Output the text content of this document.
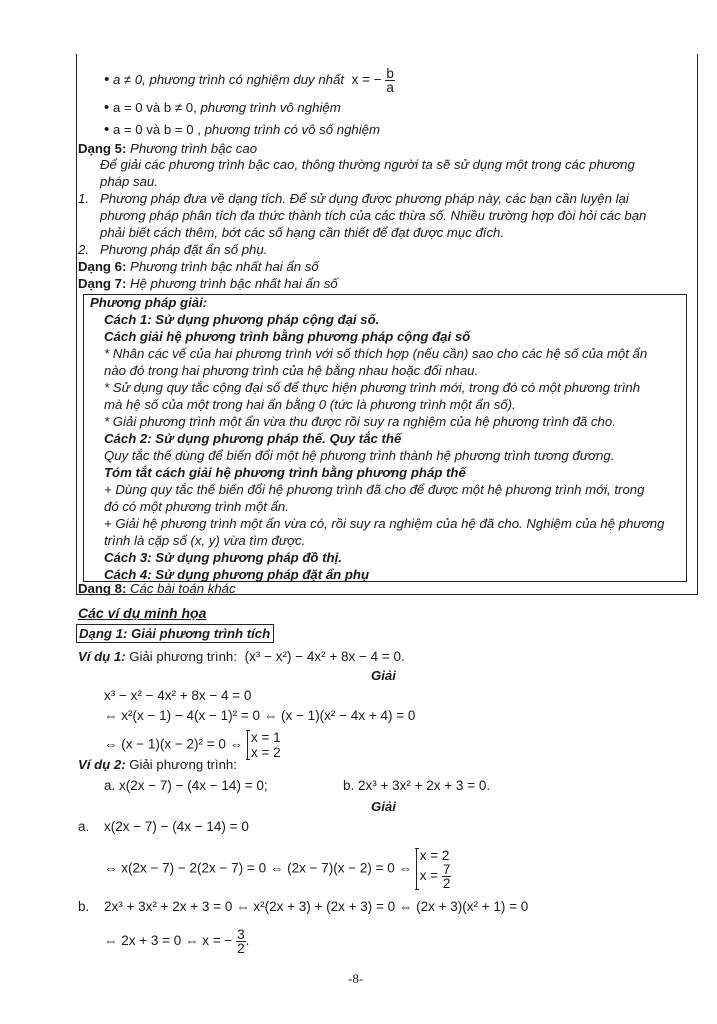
• a ≠ 0, phương trình có nghiệm duy nhất x = − $\frac{b}{a}$
• a = 0 và b ≠ 0, phương trình vô nghiệm
• a = 0 và b = 0 , phương trình có vô số nghiệm
Dạng 5: Phương trình bậc cao
Để giải các phương trình bậc cao, thông thường người ta sẽ sử dụng một trong các phương
pháp sau.
1. Phương pháp đưa về dạng tích. Để sử dụng được phương pháp này, các bạn cần luyện lại
phương pháp phân tích đa thức thành tích của các thừa số. Nhiều trường hợp đòi hỏi các bạn
phải biết cách thêm, bớt các số hạng cần thiết để đạt được mục đích.
2. Phương pháp đặt ẩn số phụ.
Dạng 6: Phương trình bậc nhất hai ẩn số
Dạng 7: Hệ phương trình bậc nhất hai ẩn số
Phương pháp giải:
Cách 1: Sử dụng phương pháp cộng đại số.
Cách giải hệ phương trình bằng phương pháp cộng đại số
* Nhân các vế của hai phương trình với số thích hợp (nếu cần) sao cho các hệ số của một ẩn
nào đó trong hai phương trình của hệ bằng nhau hoặc đối nhau.
* Sử dụng quy tắc cộng đại số để thực hiện phương trình mới, trong đó có một phương trình
mà hệ số của một trong hai ẩn bằng 0 (tức là phương trình một ẩn số).
* Giải phương trình một ẩn vừa thu được rồi suy ra nghiệm của hệ phương trình đã cho.
Cách 2: Sử dụng phương pháp thế. Quy tắc thế
Quy tắc thế dùng để biến đổi một hệ phương trình thành hệ phương trình tương đương.
Tóm tắt cách giải hệ phương trình bằng phương pháp thế
+ Dùng quy tắc thế biến đổi hệ phương trình đã cho để được một hệ phương trình mới, trong
đó có một phương trình một ẩn.
+ Giải hệ phương trình một ẩn vừa có, rồi suy ra nghiệm của hệ đã cho. Nghiệm của hệ phương
trình là cặp số (x, y) vừa tìm được.
Cách 3: Sử dụng phương pháp đồ thị.
Cách 4: Sử dụng phương pháp đặt ẩn phụ
Dạng 8: Các bài toán khác
Các ví dụ minh họa
Dạng 1: Giải phương trình tích
Ví dụ 1: Giải phương trình: (x³ − x²) − 4x² + 8x − 4 = 0.
Giải
x³ − x² − 4x² + 8x − 4 = 0
⇔ x²(x − 1) − 4(x − 1)² = 0 ⇔ (x − 1)(x² − 4x + 4) = 0
⇔ (x − 1)(x − 2)² = 0 ⇔ x = 1
x = 2
Ví dụ 2: Giải phương trình:
a. x(2x − 7) − (4x − 14) = 0;	b. 2x³ + 3x² + 2x + 3 = 0.
Giải
a. x(2x − 7) − (4x − 14) = 0
⇔ x(2x − 7) − 2(2x − 7) = 0 ⇔ (2x − 7)(x − 2) = 0 ⇔
x = 2
$x = \frac{7}{2}$
b. 2x³ + 3x² + 2x + 3 = 0 ⇔ x²(2x + 3) + (2x + 3) = 0 ⇔ (2x + 3)(x² + 1) = 0
⇔ 2x + 3 = 0 ⇔ x = − $\frac{3}{2}$ .
-8-
